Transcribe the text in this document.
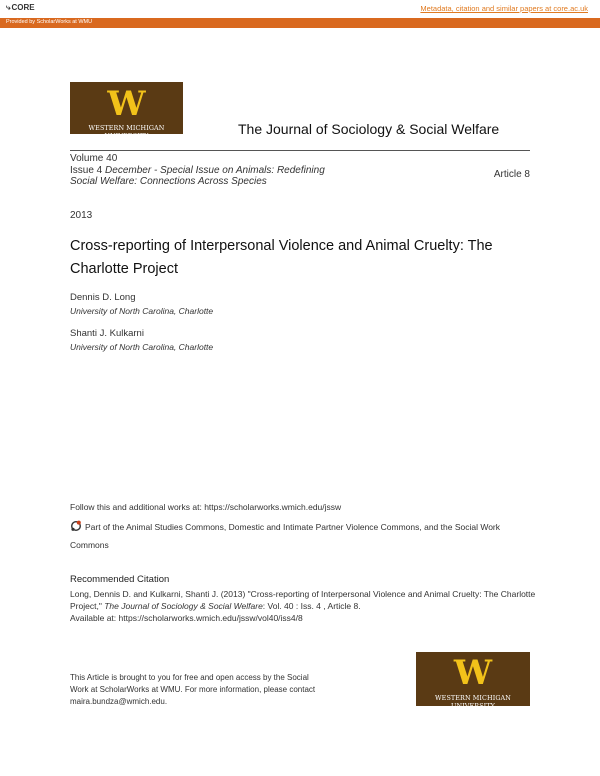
⤷CORE	Metadata, citation and similar papers at core.ac.uk
Provided by ScholarWorks at WMU
W
WESTERN MICHIGAN UNIVERSITY	The Journal of Sociology & Social Welfare
Volume 40
Issue 4 December - Special Issue on Animals: Redefining Social Welfare: Connections Across Species
Article 8
2013
Cross-reporting of Interpersonal Violence and Animal Cruelty: The Charlotte Project
Dennis D. Long
University of North Carolina, Charlotte
Shanti J. Kulkarni
University of North Carolina, Charlotte
Follow this and additional works at: https://scholarworks.wmich.edu/jssw
Part of the Animal Studies Commons, Domestic and Intimate Partner Violence Commons, and the Social Work Commons
Recommended Citation
Long, Dennis D. and Kulkarni, Shanti J. (2013) "Cross-reporting of Interpersonal Violence and Animal Cruelty: The Charlotte Project," The Journal of Sociology & Social Welfare: Vol. 40 : Iss. 4 , Article 8.
Available at: https://scholarworks.wmich.edu/jssw/vol40/iss4/8
This Article is brought to you for free and open access by the Social Work at ScholarWorks at WMU. For more information, please contact maira.bundza@wmich.edu.
W
WESTERN MICHIGAN UNIVERSITY
